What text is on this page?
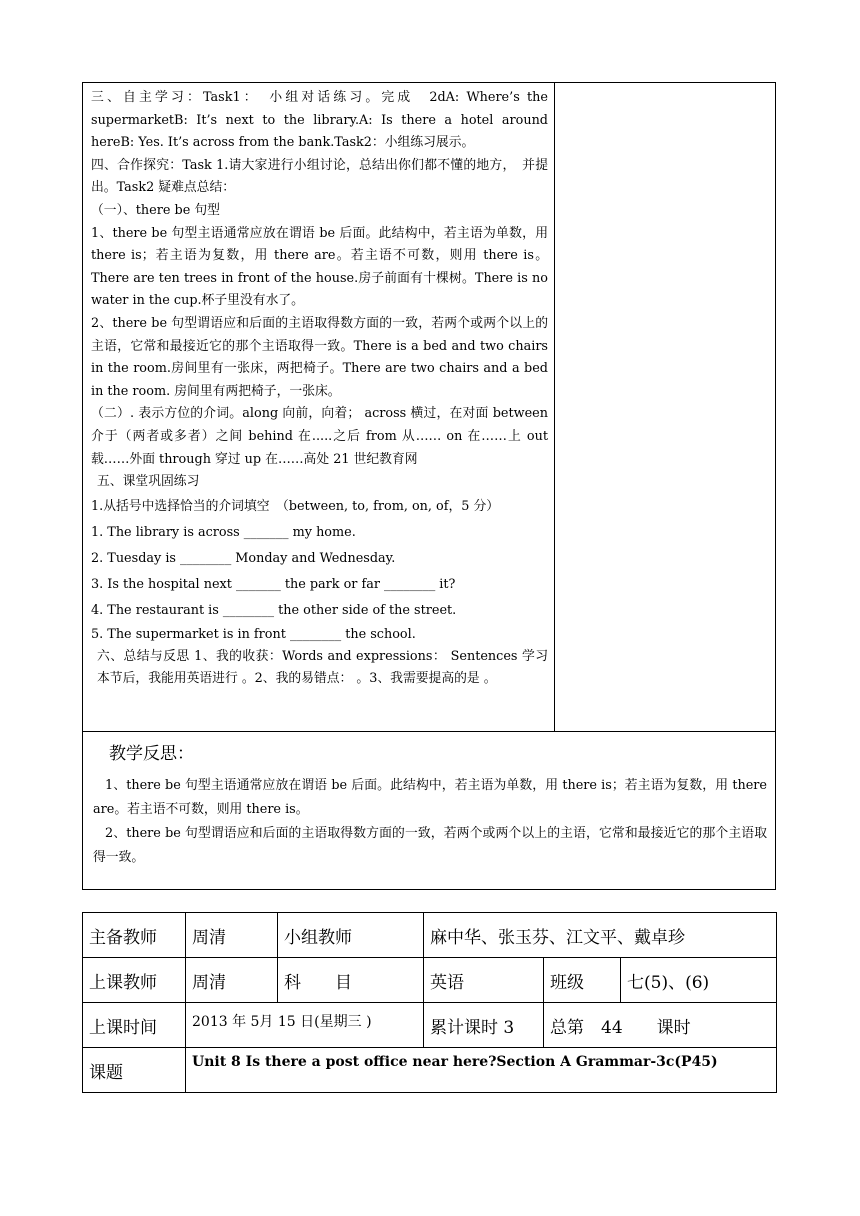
三、自主学习：Task1：　小组对话练习。完成　2dA: Where’s the supermarketB: It’s next to the library.A: Is there a hotel around hereB: Yes. It’s across from the bank.Task2：小组练习展示。

四、合作探究：Task 1.请大家进行小组讨论，总结出你们都不懂的地方，　并提出。Task2 疑难点总结：

（一）、there be 句型

1、there be 句型主语通常应放在谓语 be 后面。此结构中，若主语为单数，用 there is；若主语为复数，用 there are。若主语不可数，则用 there is。There are ten trees in front of the house.房子前面有十棵树。There is no water in the cup.杯子里没有水了。

2、there be 句型谓语应和后面的主语取得数方面的一致，若两个或两个以上的主语，它常和最接近它的那个主语取得一致。There is a bed and two chairs in the room.房间里有一张床，两把椅子。There are two chairs and a bed in the room. 房间里有两把椅子，一张床。

（二）. 表示方位的介词。along 向前，向着； across 横过，在对面 between 介于（两者或多者）之间 behind 在.....之后 from 从…… on 在……上 out 载……外面 through 穿过 up 在……高处 21 世纪教育网

五、课堂巩固练习

1.从括号中选择恰当的介词填空　（between, to, from, on, of，5 分）

1. The library is across _______ my home.

2. Tuesday is ________ Monday and Wednesday.

3. Is the hospital next _______ the park or far ________ it?

4. The restaurant is ________ the other side of the street.

5. The supermarket is in front ________ the school.

六、总结与反思 1、我的收获：Words and expressions： Sentences 学习本节后，我能用英语进行 。2、我的易错点： 。3、我需要提高的是 。

教学反思：

1、there be 句型主语通常应放在谓语 be 后面。此结构中，若主语为单数，用 there is；若主语为复数，用 there are。若主语不可数，则用 there is。

2、there be 句型谓语应和后面的主语取得数方面的一致，若两个或两个以上的主语，它常和最接近它的那个主语取得一致。

主备教师	周清	小组教师	麻中华、张玉芬、江文平、戴卓珍		
上课教师	周清	科　　目	英语	班级	七(5)、(6)
上课时间	2013 年 5月 15 日(星期三 )		累计课时 3	总第　44　　课时	
课题	Unit 8 Is there a post office near here?Section A Grammar-3c(P45)				
